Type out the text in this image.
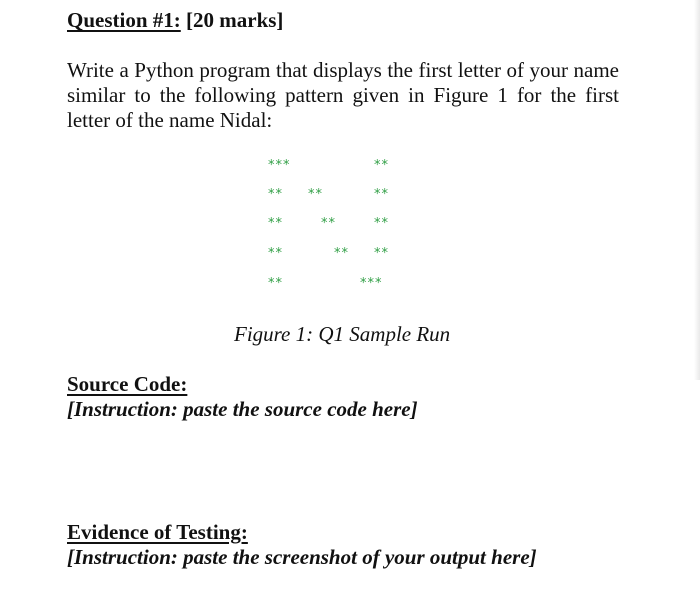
Question #1: [20 marks]

Write a Python program that displays the first letter of your name similar to the following pattern given in Figure 1 for the first letter of the name Nidal:

***	**
** **	**
**	**	**
**	** **
**	***
Figure 1: Q1 Sample Run
Source Code:
[Instruction: paste the source code here]
Evidence of Testing:
[Instruction: paste the screenshot of your output here]
